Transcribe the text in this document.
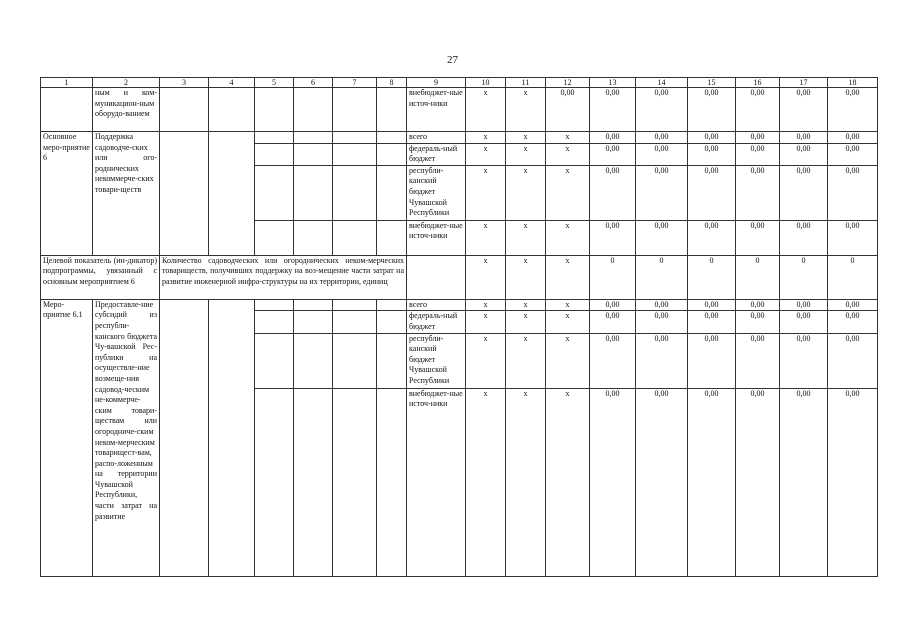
27
1	2	3	4	5	6	7	8	9	10	11	12	13	14	15	16	17	18
	ным и ком-муникацион-ным оборудо-ванием							внебюджет-ные источ-ники	x	x	0,00	0,00	0,00	0,00	0,00	0,00	0,00
Основное меро-приятие 6	Поддержка садоводче-ских или ого-роднических некоммерче-ских товари-ществ							всего	x	x	x	0,00	0,00	0,00	0,00	0,00	0,00
								федераль-ный бюджет	x	x	x	0,00	0,00	0,00	0,00	0,00	0,00
								республи-канский бюджет Чувашской Республики	x	x	x	0,00	0,00	0,00	0,00	0,00	0,00
								внебюджет-ные источ-ники	x	x	x	0,00	0,00	0,00	0,00	0,00	0,00
Целевой показатель (ин-дикатор) подпрограммы, увязанный с основным мероприятием 6		Количество садоводческих или огороднических неком-мерческих товариществ, получивших поддержку на воз-мещение части затрат на развитие инженерной инфра-структуры на их территории, единиц							x	x	x	0	0	0	0	0	0
Меро-приятие 6.1	Предоставле-ние субсидий из республи-канского бюджета Чу-вашской Рес-публики на осуществле-ние возмеще-ния садовод-ческим не-коммерче-ским товари-ществам или огородниче-ским неком-мерческим товарищест-вам, распо-ложенным на территории Чувашской Республики, части затрат на развитие							всего	x	x	x	0,00	0,00	0,00	0,00	0,00	0,00
								федераль-ный бюджет	x	x	x	0,00	0,00	0,00	0,00	0,00	0,00
								республи-канский бюджет Чувашской Республики	x	x	x	0,00	0,00	0,00	0,00	0,00	0,00
								внебюджет-ные источ-ники	x	x	x	0,00	0,00	0,00	0,00	0,00	0,00
